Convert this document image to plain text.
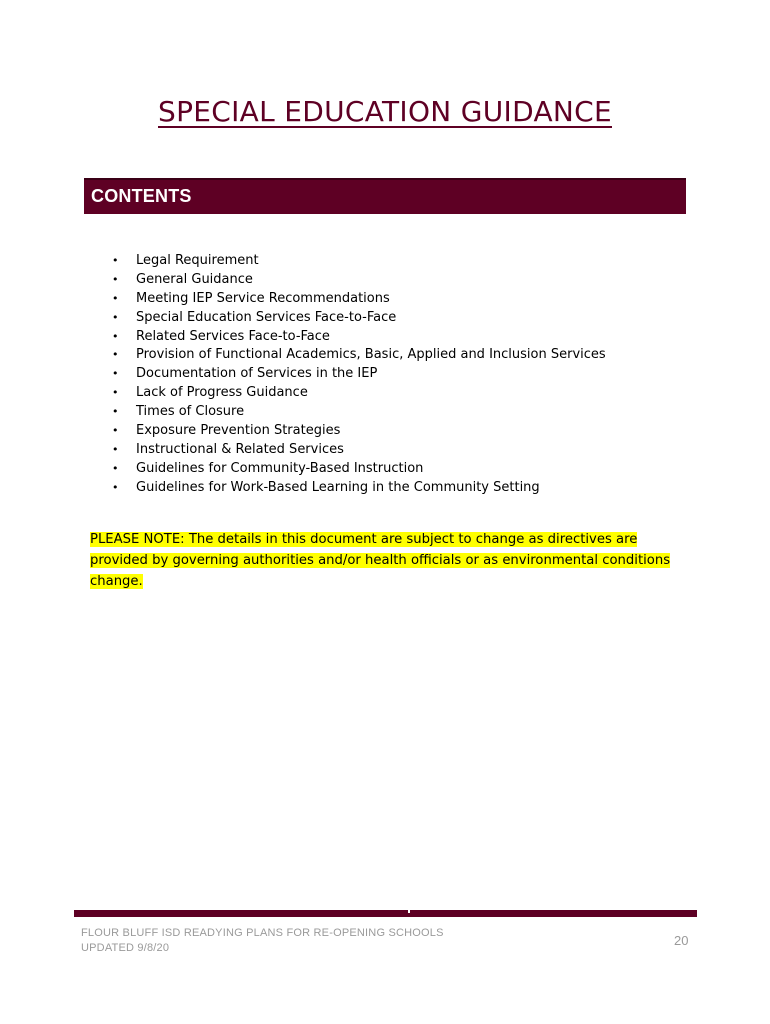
SPECIAL EDUCATION GUIDANCE
CONTENTS
• Legal Requirement
• General Guidance
• Meeting IEP Service Recommendations
• Special Education Services Face-to-Face
• Related Services Face-to-Face
• Provision of Functional Academics, Basic, Applied and Inclusion Services
• Documentation of Services in the IEP
• Lack of Progress Guidance
• Times of Closure
• Exposure Prevention Strategies
• Instructional & Related Services
• Guidelines for Community-Based Instruction
• Guidelines for Work-Based Learning in the Community Setting
PLEASE NOTE: The details in this document are subject to change as directives are provided by governing authorities and/or health officials or as environmental conditions change.
FLOUR BLUFF ISD READYING PLANS FOR RE-OPENING SCHOOLS
UPDATED 9/8/20	20
